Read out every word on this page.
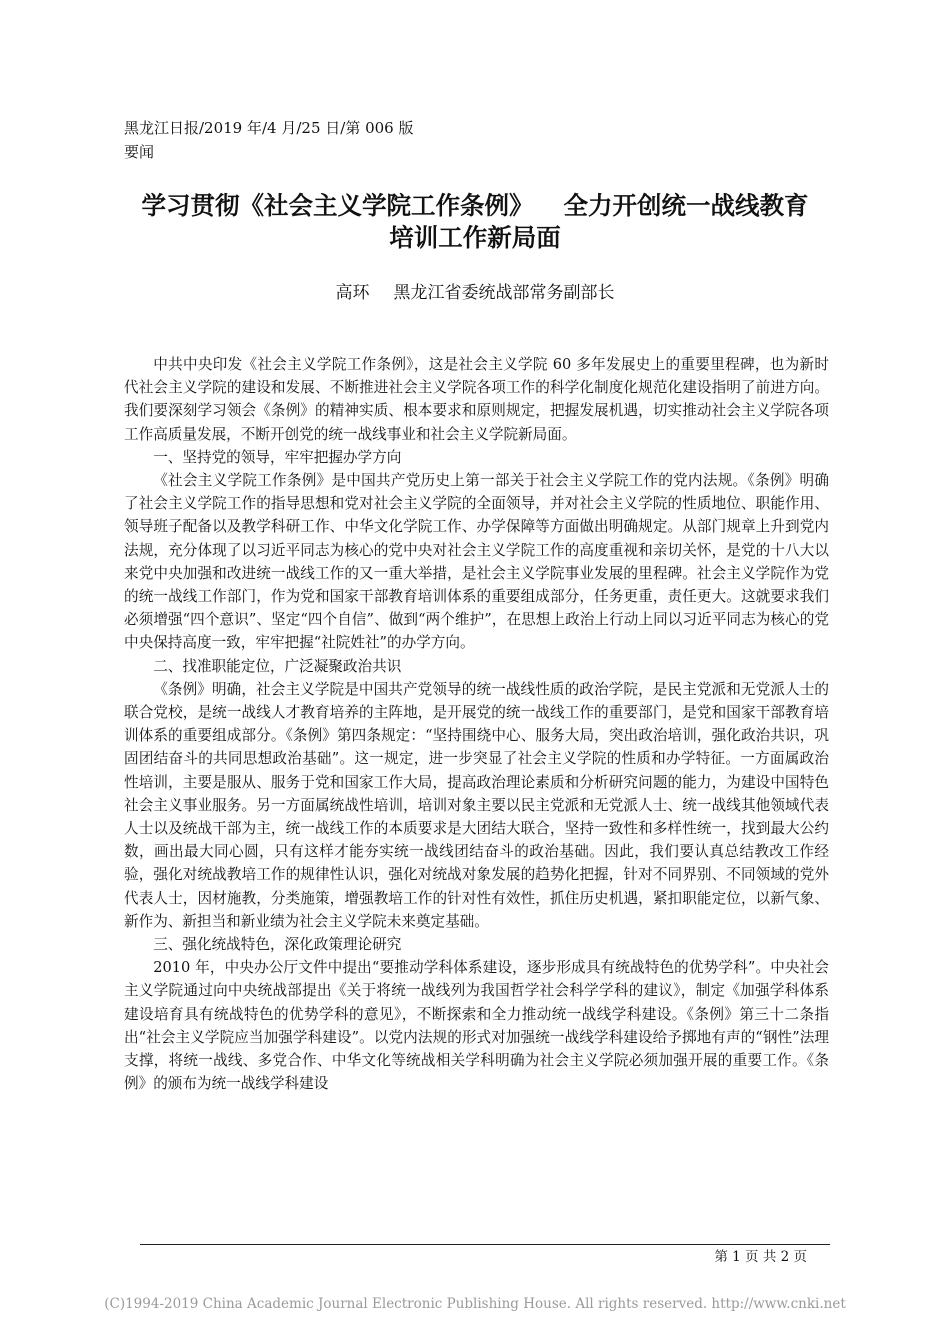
黑龙江日报/2019 年/4 月/25 日/第 006 版
要闻
学习贯彻《社会主义学院工作条例》 全力开创统一战线教育
培训工作新局面
高环 黑龙江省委统战部常务副部长

中共中央印发《社会主义学院工作条例》，这是社会主义学院 60 多年发展史上的重要里程碑，也为新时代社会主义学院的建设和发展、不断推进社会主义学院各项工作的科学化制度化规范化建设指明了前进方向。我们要深刻学习领会《条例》的精神实质、根本要求和原则规定，把握发展机遇，切实推动社会主义学院各项工作高质量发展，不断开创党的统一战线事业和社会主义学院新局面。

一、坚持党的领导，牢牢把握办学方向

《社会主义学院工作条例》是中国共产党历史上第一部关于社会主义学院工作的党内法规。《条例》明确了社会主义学院工作的指导思想和党对社会主义学院的全面领导，并对社会主义学院的性质地位、职能作用、领导班子配备以及教学科研工作、中华文化学院工作、办学保障等方面做出明确规定。从部门规章上升到党内法规，充分体现了以习近平同志为核心的党中央对社会主义学院工作的高度重视和亲切关怀，是党的十八大以来党中央加强和改进统一战线工作的又一重大举措，是社会主义学院事业发展的里程碑。社会主义学院作为党的统一战线工作部门，作为党和国家干部教育培训体系的重要组成部分，任务更重，责任更大。这就要求我们必须增强“四个意识”、坚定“四个自信”、做到“两个维护”，在思想上政治上行动上同以习近平同志为核心的党中央保持高度一致，牢牢把握“社院姓社”的办学方向。

二、找准职能定位，广泛凝聚政治共识

《条例》明确，社会主义学院是中国共产党领导的统一战线性质的政治学院，是民主党派和无党派人士的联合党校，是统一战线人才教育培养的主阵地，是开展党的统一战线工作的重要部门，是党和国家干部教育培训体系的重要组成部分。《条例》第四条规定：“坚持围绕中心、服务大局，突出政治培训，强化政治共识，巩固团结奋斗的共同思想政治基础”。这一规定，进一步突显了社会主义学院的性质和办学特征。一方面属政治性培训，主要是服从、服务于党和国家工作大局，提高政治理论素质和分析研究问题的能力，为建设中国特色社会主义事业服务。另一方面属统战性培训，培训对象主要以民主党派和无党派人士、统一战线其他领域代表人士以及统战干部为主，统一战线工作的本质要求是大团结大联合，坚持一致性和多样性统一，找到最大公约数，画出最大同心圆，只有这样才能夯实统一战线团结奋斗的政治基础。因此，我们要认真总结教改工作经验，强化对统战教培工作的规律性认识，强化对统战对象发展的趋势化把握，针对不同界别、不同领域的党外代表人士，因材施教，分类施策，增强教培工作的针对性有效性，抓住历史机遇，紧扣职能定位，以新气象、新作为、新担当和新业绩为社会主义学院未来奠定基础。

三、强化统战特色，深化政策理论研究

2010 年，中央办公厅文件中提出“要推动学科体系建设，逐步形成具有统战特色的优势学科”。中央社会主义学院通过向中央统战部提出《关于将统一战线列为我国哲学社会科学学科的建议》，制定《加强学科体系建设培育具有统战特色的优势学科的意见》，不断探索和全力推动统一战线学科建设。《条例》第三十二条指出“社会主义学院应当加强学科建设”。以党内法规的形式对加强统一战线学科建设给予掷地有声的“钢性”法理支撑，将统一战线、多党合作、中华文化等统战相关学科明确为社会主义学院必须加强开展的重要工作。《条例》的颁布为统一战线学科建设

第 1 页 共 2 页
(C)1994-2019 China Academic Journal Electronic Publishing House. All rights reserved. http://www.cnki.net
